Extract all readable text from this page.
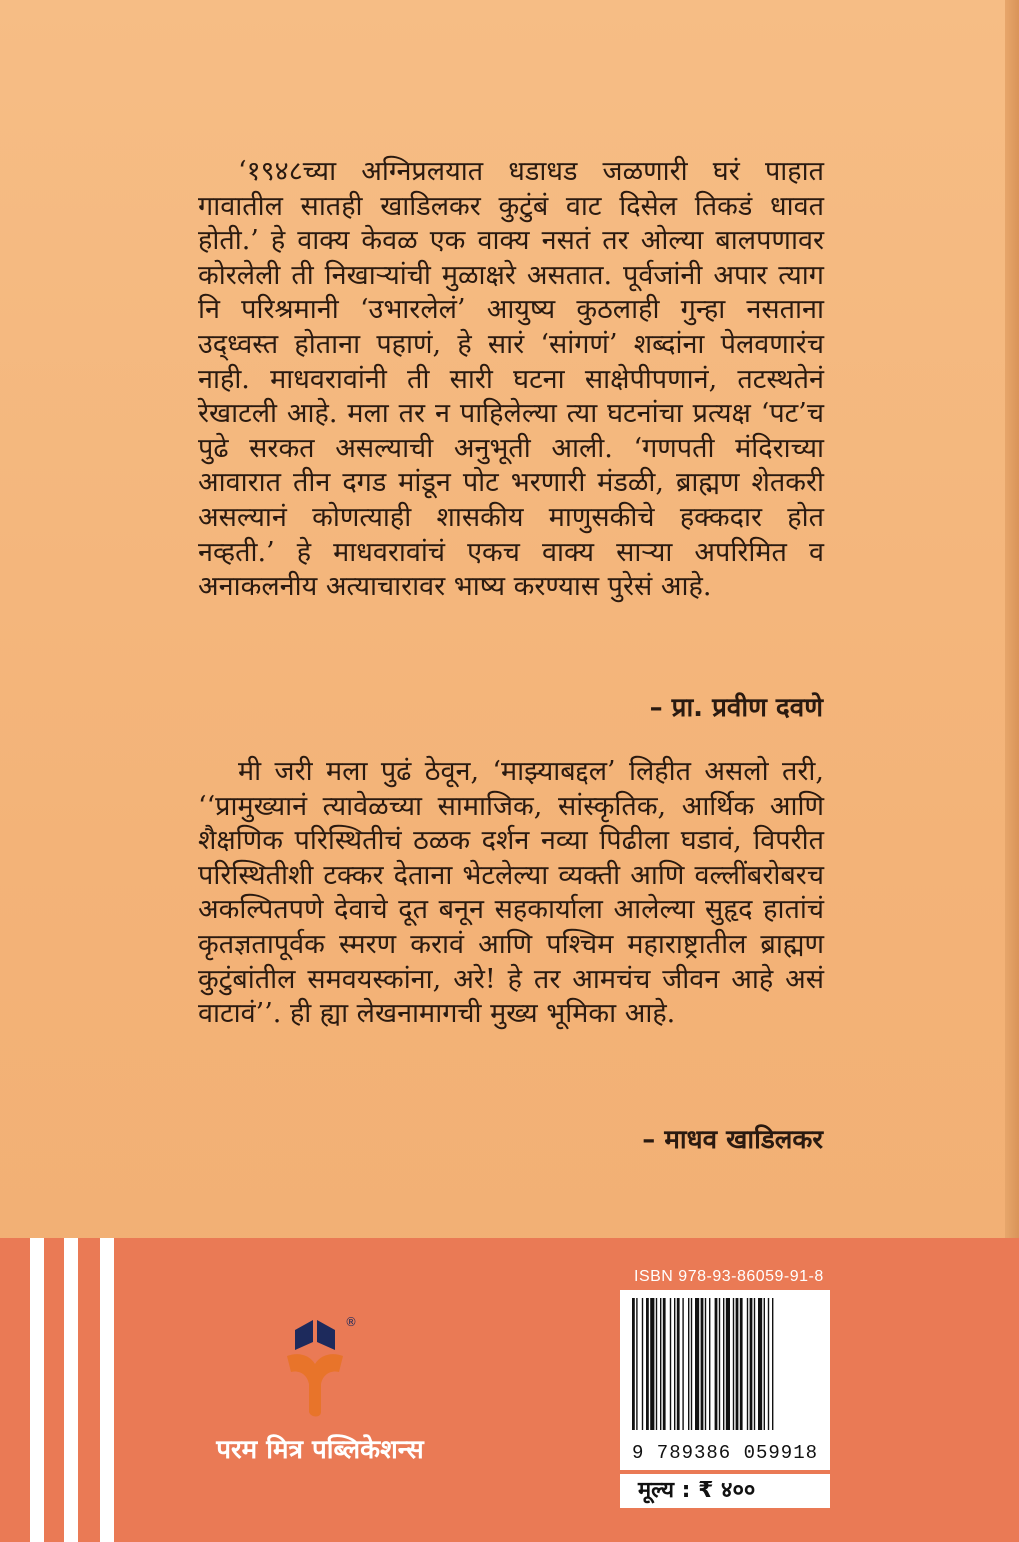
‘१९४८च्या अग्निप्रलयात धडाधड जळणारी घरं पाहात गावातील सातही खाडिलकर कुटुंबं वाट दिसेल तिकडं धावत होती.’ हे वाक्य केवळ एक वाक्य नसतं तर ओल्या बालपणावर कोरलेली ती निखाऱ्यांची मुळाक्षरे असतात. पूर्वजांनी अपार त्याग नि परिश्रमानी ‘उभारलेलं’ आयुष्य कुठलाही गुन्हा नसताना उद्ध्वस्त होताना पहाणं, हे सारं ‘सांगणं’ शब्दांना पेलवणारंच नाही. माधवरावांनी ती सारी घटना साक्षेपीपणानं, तटस्थतेनं रेखाटली आहे. मला तर न पाहिलेल्या त्या घटनांचा प्रत्यक्ष ‘पट’च पुढे सरकत असल्याची अनुभूती आली. ‘गणपती मंदिराच्या आवारात तीन दगड मांडून पोट भरणारी मंडळी, ब्राह्मण शेतकरी असल्यानं कोणत्याही शासकीय माणुसकीचे हक्कदार होत नव्हती.’ हे माधवरावांचं एकच वाक्य साऱ्या अपरिमित व अनाकलनीय अत्याचारावर भाष्य करण्यास पुरेसं आहे.

– प्रा. प्रवीण दवणे

मी जरी मला पुढं ठेवून, ‘माझ्याबद्दल’ लिहीत असलो तरी, ‘‘प्रामुख्यानं त्यावेळच्या सामाजिक, सांस्कृतिक, आर्थिक आणि शैक्षणिक परिस्थितीचं ठळक दर्शन नव्या पिढीला घडावं, विपरीत परिस्थितीशी टक्कर देताना भेटलेल्या व्यक्ती आणि वल्लींबरोबरच अकल्पितपणे देवाचे दूत बनून सहकार्याला आलेल्या सुहृद हातांचं कृतज्ञतापूर्वक स्मरण करावं आणि पश्चिम महाराष्ट्रातील ब्राह्मण कुटुंबांतील समवयस्कांना, अरे! हे तर आमचंच जीवन आहे असं वाटावं’’. ही ह्या लेखनामागची मुख्य भूमिका आहे.

– माधव खाडिलकर
®
परम मित्र पब्लिकेशन्स
ISBN 978-93-86059-91-8
9 789386 059918
मूल्य : ₹ ४००
